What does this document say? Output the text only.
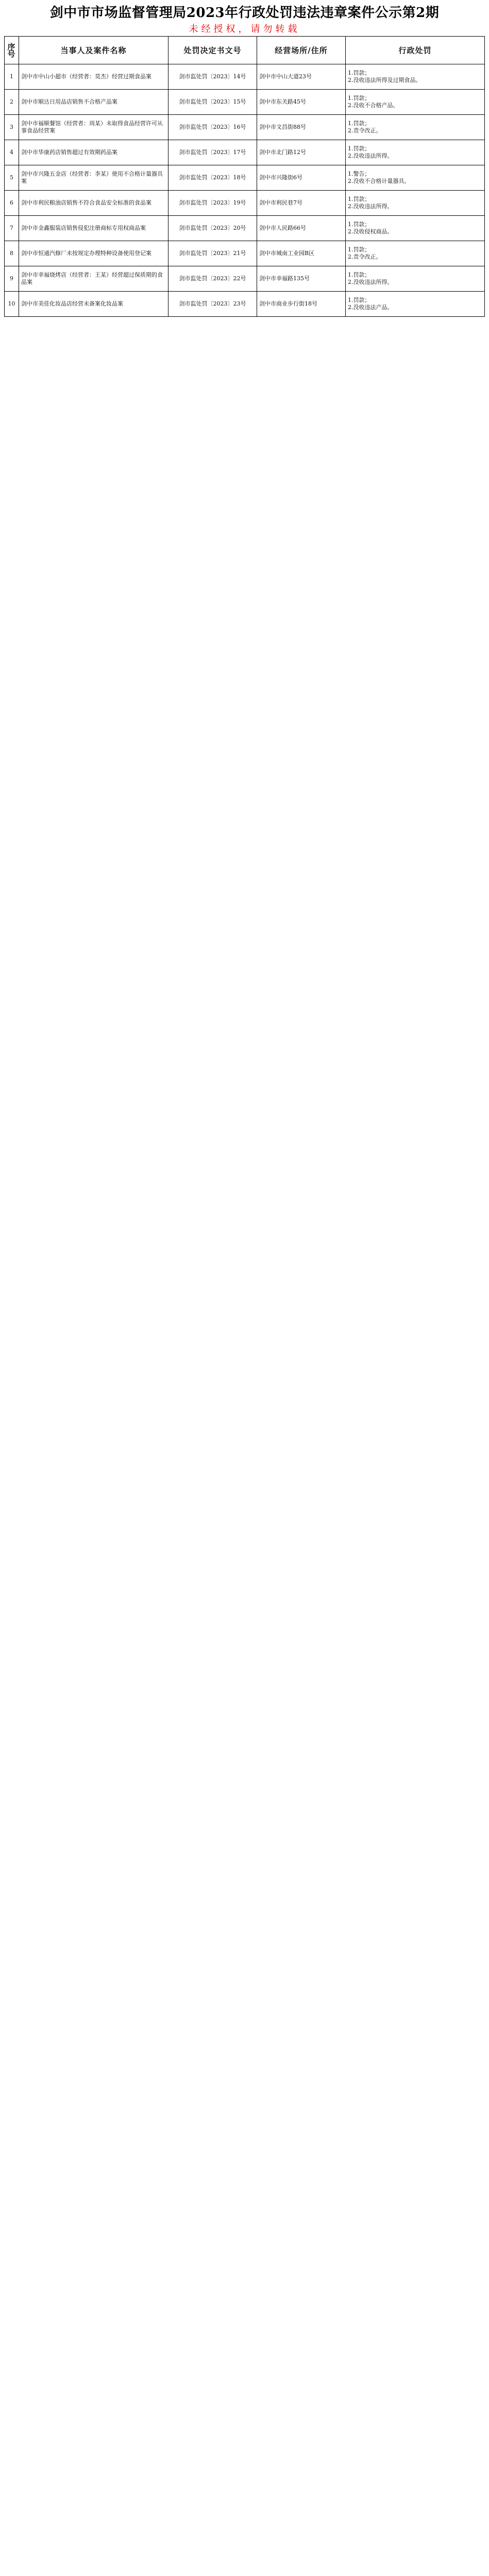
剑中市市场监督管理局2023年行政处罚违法违章案件公示第2期
未经授权，请勿转载
序号	当事人及案件名称	处罚决定书文号	经营场所/住所	行政处罚
1	剑中市中山小超市（经营者：莫杰）经营过期食品案	剑市监处罚〔2023〕14号	剑中市中山大道23号	1.罚款；
2.没收违法所得及过期食品。

2	剑中市顺达日用品店销售不合格产品案	剑市监处罚〔2023〕15号	剑中市东关路45号	1.罚款；
2.没收不合格产品。

3	剑中市福顺餐馆（经营者：周某）未取得食品经营许可从事食品经营案	剑市监处罚〔2023〕16号	剑中市文昌街88号	1.罚款；
2.责令改正。

4	剑中市华康药店销售超过有效期药品案	剑市监处罚〔2023〕17号	剑中市北门路12号	1.罚款；
2.没收违法所得。

5	剑中市兴隆五金店（经营者：李某）使用不合格计量器具案	剑市监处罚〔2023〕18号	剑中市兴隆街6号	1.警告；
2.没收不合格计量器具。

6	剑中市利民粮油店销售不符合食品安全标准的食品案	剑市监处罚〔2023〕19号	剑中市利民巷7号	1.罚款；
2.没收违法所得。

7	剑中市金鑫服装店销售侵犯注册商标专用权商品案	剑市监处罚〔2023〕20号	剑中市人民路66号	1.罚款；
2.没收侵权商品。

8	剑中市恒通汽修厂未按规定办理特种设备使用登记案	剑市监处罚〔2023〕21号	剑中市城南工业园B区	1.罚款；
2.责令改正。

9	剑中市幸福烧烤店（经营者：王某）经营超过保质期的食品案	剑市监处罚〔2023〕22号	剑中市幸福路135号	1.罚款；
2.没收违法所得。

10	剑中市美佳化妆品店经营未备案化妆品案	剑市监处罚〔2023〕23号	剑中市商业步行街18号	1.罚款；
2.没收违法产品。
